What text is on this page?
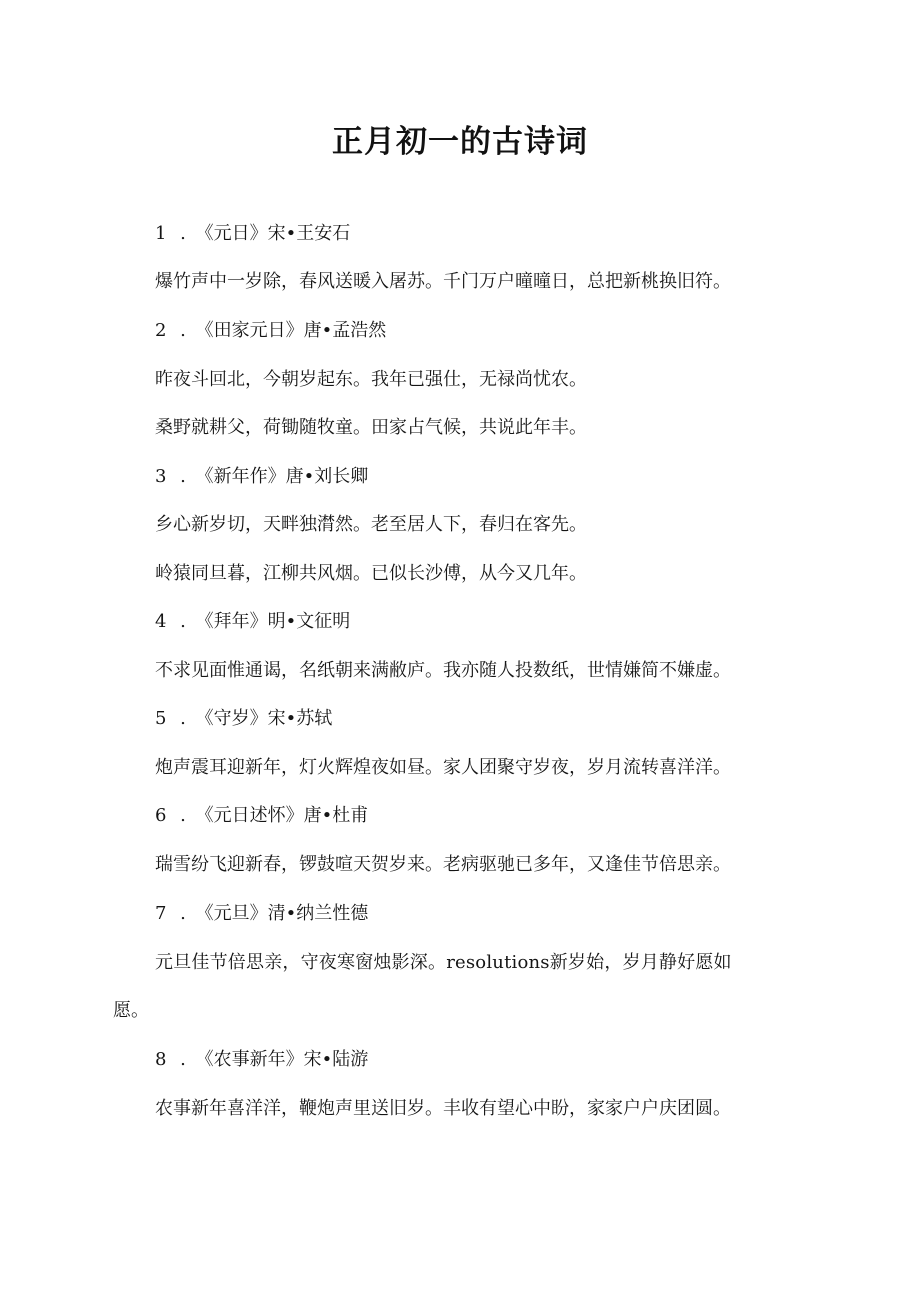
正月初一的古诗词
1 . 《元日》宋•王安石
爆竹声中一岁除，春风送暖入屠苏。千门万户曈曈日，总把新桃换旧符。
2 . 《田家元日》唐•孟浩然
昨夜斗回北，今朝岁起东。我年已强仕，无禄尚忧农。
桑野就耕父，荷锄随牧童。田家占气候，共说此年丰。
3 . 《新年作》唐•刘长卿
乡心新岁切，天畔独潸然。老至居人下，春归在客先。
岭猿同旦暮，江柳共风烟。已似长沙傅，从今又几年。
4 . 《拜年》明•文征明
不求见面惟通谒，名纸朝来满敝庐。我亦随人投数纸，世情嫌简不嫌虚。
5 . 《守岁》宋•苏轼
炮声震耳迎新年，灯火辉煌夜如昼。家人团聚守岁夜，岁月流转喜洋洋。
6 . 《元日述怀》唐•杜甫
瑞雪纷飞迎新春，锣鼓喧天贺岁来。老病驱驰已多年，又逢佳节倍思亲。
7 . 《元旦》清•纳兰性德
元旦佳节倍思亲，守夜寒窗烛影深。resolutions新岁始，岁月静好愿如
愿。
8 . 《农事新年》宋•陆游
农事新年喜洋洋，鞭炮声里送旧岁。丰收有望心中盼，家家户户庆团圆。
